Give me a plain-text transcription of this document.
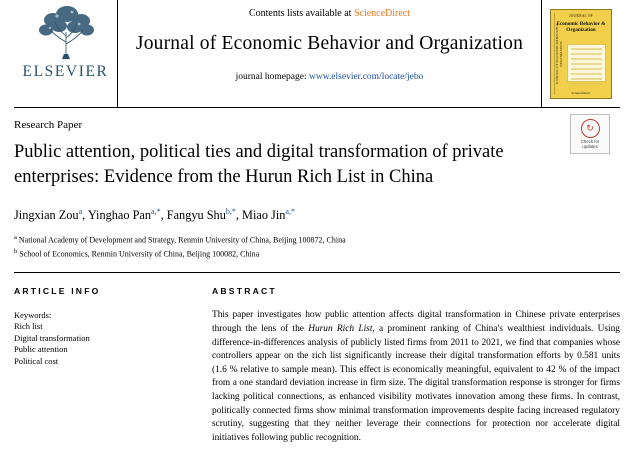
ELSEVIER
Contents lists available at ScienceDirect
Journal of Economic Behavior and Organization
journal homepage: www.elsevier.com/locate/jebo	JOURNAL OF ECONOMIC BEHAVIOR & ORGANIZATION
JOURNAL OF
Economic Behavior & Organization
ScienceDirect
↻
Check for
updates
Research Paper
Public attention, political ties and digital transformation of private enterprises: Evidence from the Hurun Rich List in China
Jingxian Zou$^a$, Yinghao Pan$^{a,*}$, Fangyu Shu$^{b,*}$, Miao Jin$^{a,*}$
$^a$ National Academy of Development and Strategy, Renmin University of China, Beijing 100872, China
$^b$ School of Economics, Renmin University of China, Beijing 100082, China
ARTICLE INFO
Keywords:
Rich list
Digital transformation
Public attention
Political cost
ABSTRACT
This paper investigates how public attention affects digital transformation in Chinese private enterprises through the lens of the Hurun Rich List, a prominent ranking of China's wealthiest individuals. Using difference-in-differences analysis of publicly listed firms from 2011 to 2021, we find that companies whose controllers appear on the rich list significantly increase their digital transformation efforts by 0.581 units (1.6 % relative to sample mean). This effect is economically meaningful, equivalent to 42 % of the impact from a one standard deviation increase in firm size. The digital transformation response is stronger for firms lacking political connections, as enhanced visibility motivates innovation among these firms. In contrast, politically connected firms show minimal transformation improvements despite facing increased regulatory scrutiny, suggesting that they neither leverage their connections for protection nor accelerate digital initiatives following public recognition.
